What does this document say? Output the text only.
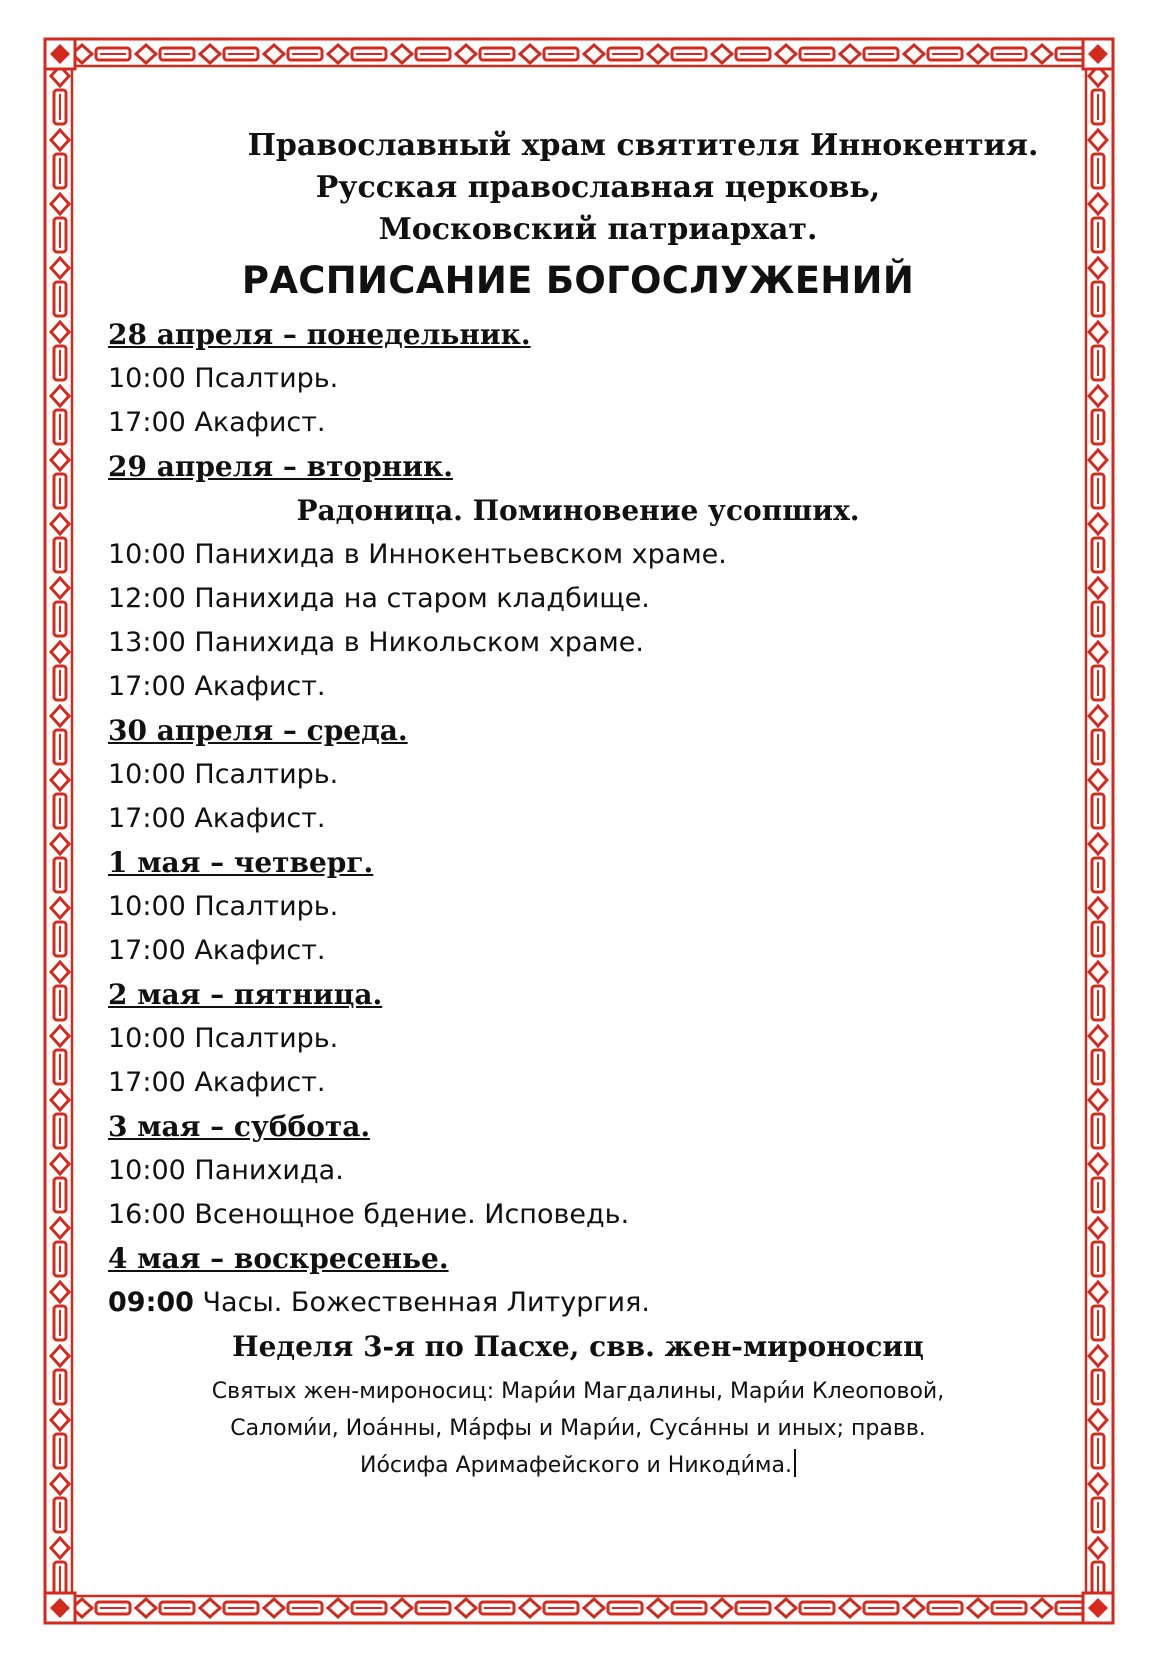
Православный храм святителя Иннокентия.
Русская православная церковь,
Московский патриархат.
РАСПИСАНИЕ БОГОСЛУЖЕНИЙ
28 апреля – понедельник.
10:00 Псалтирь.
17:00 Акафист.
29 апреля – вторник.
Радоница. Поминовение усопших.
10:00 Панихида в Иннокентьевском храме.
12:00 Панихида на старом кладбище.
13:00 Панихида в Никольском храме.
17:00 Акафист.
30 апреля – среда.
10:00 Псалтирь.
17:00 Акафист.
1 мая – четверг.
10:00 Псалтирь.
17:00 Акафист.
2 мая – пятница.
10:00 Псалтирь.
17:00 Акафист.
3 мая – суббота.
10:00 Панихида.
16:00 Всенощное бдение. Исповедь.
4 мая – воскресенье.
09:00 Часы. Божественная Литургия.
Неделя 3-я по Пасхе, свв. жен-мироносиц
Святых жен-мироносиц: Мари́и Магдалины, Мари́и Клеоповой,
Саломи́и, Иоа́нны, Ма́рфы и Мари́и, Суса́нны и иных; правв.
Ио́сифа Аримафейского и Никоди́ма.
